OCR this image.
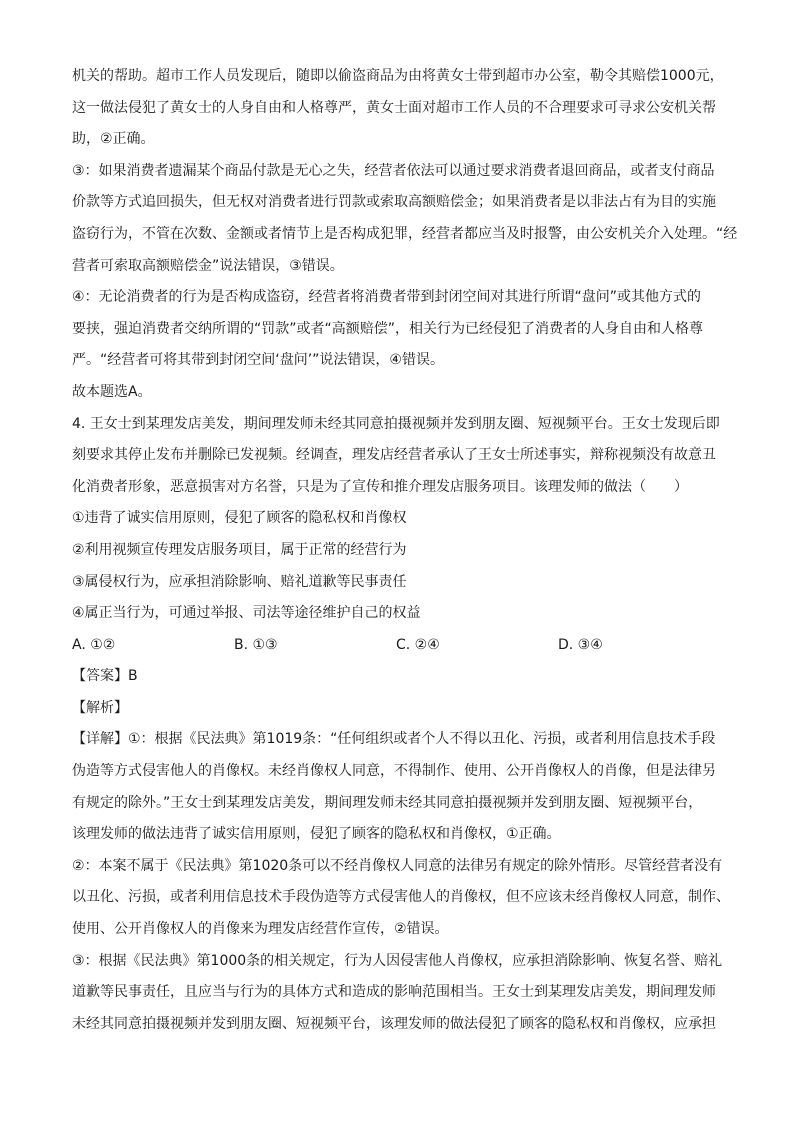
机关的帮助。超市工作人员发现后，随即以偷盗商品为由将黄女士带到超市办公室，勒令其赔偿1000元，
这一做法侵犯了黄女士的人身自由和人格尊严，黄女士面对超市工作人员的不合理要求可寻求公安机关帮
助，②正确。
③：如果消费者遗漏某个商品付款是无心之失，经营者依法可以通过要求消费者退回商品，或者支付商品
价款等方式追回损失，但无权对消费者进行罚款或索取高额赔偿金；如果消费者是以非法占有为目的实施
盗窃行为，不管在次数、金额或者情节上是否构成犯罪，经营者都应当及时报警，由公安机关介入处理。“经
营者可索取高额赔偿金”说法错误，③错误。
④：无论消费者的行为是否构成盗窃，经营者将消费者带到封闭空间对其进行所谓“盘问”或其他方式的
要挟，强迫消费者交纳所谓的“罚款”或者“高额赔偿”，相关行为已经侵犯了消费者的人身自由和人格尊
严。“经营者可将其带到封闭空间‘盘问’”说法错误，④错误。
故本题选A。
4. 王女士到某理发店美发，期间理发师未经其同意拍摄视频并发到朋友圈、短视频平台。王女士发现后即
刻要求其停止发布并删除已发视频。经调查，理发店经营者承认了王女士所述事实，辩称视频没有故意丑
化消费者形象，恶意损害对方名誉，只是为了宣传和推介理发店服务项目。该理发师的做法（　　）
①违背了诚实信用原则，侵犯了顾客的隐私权和肖像权
②利用视频宣传理发店服务项目，属于正常的经营行为
③属侵权行为，应承担消除影响、赔礼道歉等民事责任
④属正当行为，可通过举报、司法等途径维护自己的权益
A. ①②	B. ①③	C. ②④	D. ③④
【答案】B
【解析】
【详解】①：根据《民法典》第1019条：“任何组织或者个人不得以丑化、污损，或者利用信息技术手段
伪造等方式侵害他人的肖像权。未经肖像权人同意，不得制作、使用、公开肖像权人的肖像，但是法律另
有规定的除外。”王女士到某理发店美发，期间理发师未经其同意拍摄视频并发到朋友圈、短视频平台，
该理发师的做法违背了诚实信用原则，侵犯了顾客的隐私权和肖像权，①正确。
②：本案不属于《民法典》第1020条可以不经肖像权人同意的法律另有规定的除外情形。尽管经营者没有
以丑化、污损，或者利用信息技术手段伪造等方式侵害他人的肖像权，但不应该未经肖像权人同意，制作、
使用、公开肖像权人的肖像来为理发店经营作宣传，②错误。
③：根据《民法典》第1000条的相关规定，行为人因侵害他人肖像权，应承担消除影响、恢复名誉、赔礼
道歉等民事责任，且应当与行为的具体方式和造成的影响范围相当。王女士到某理发店美发，期间理发师
未经其同意拍摄视频并发到朋友圈、短视频平台，该理发师的做法侵犯了顾客的隐私权和肖像权，应承担
